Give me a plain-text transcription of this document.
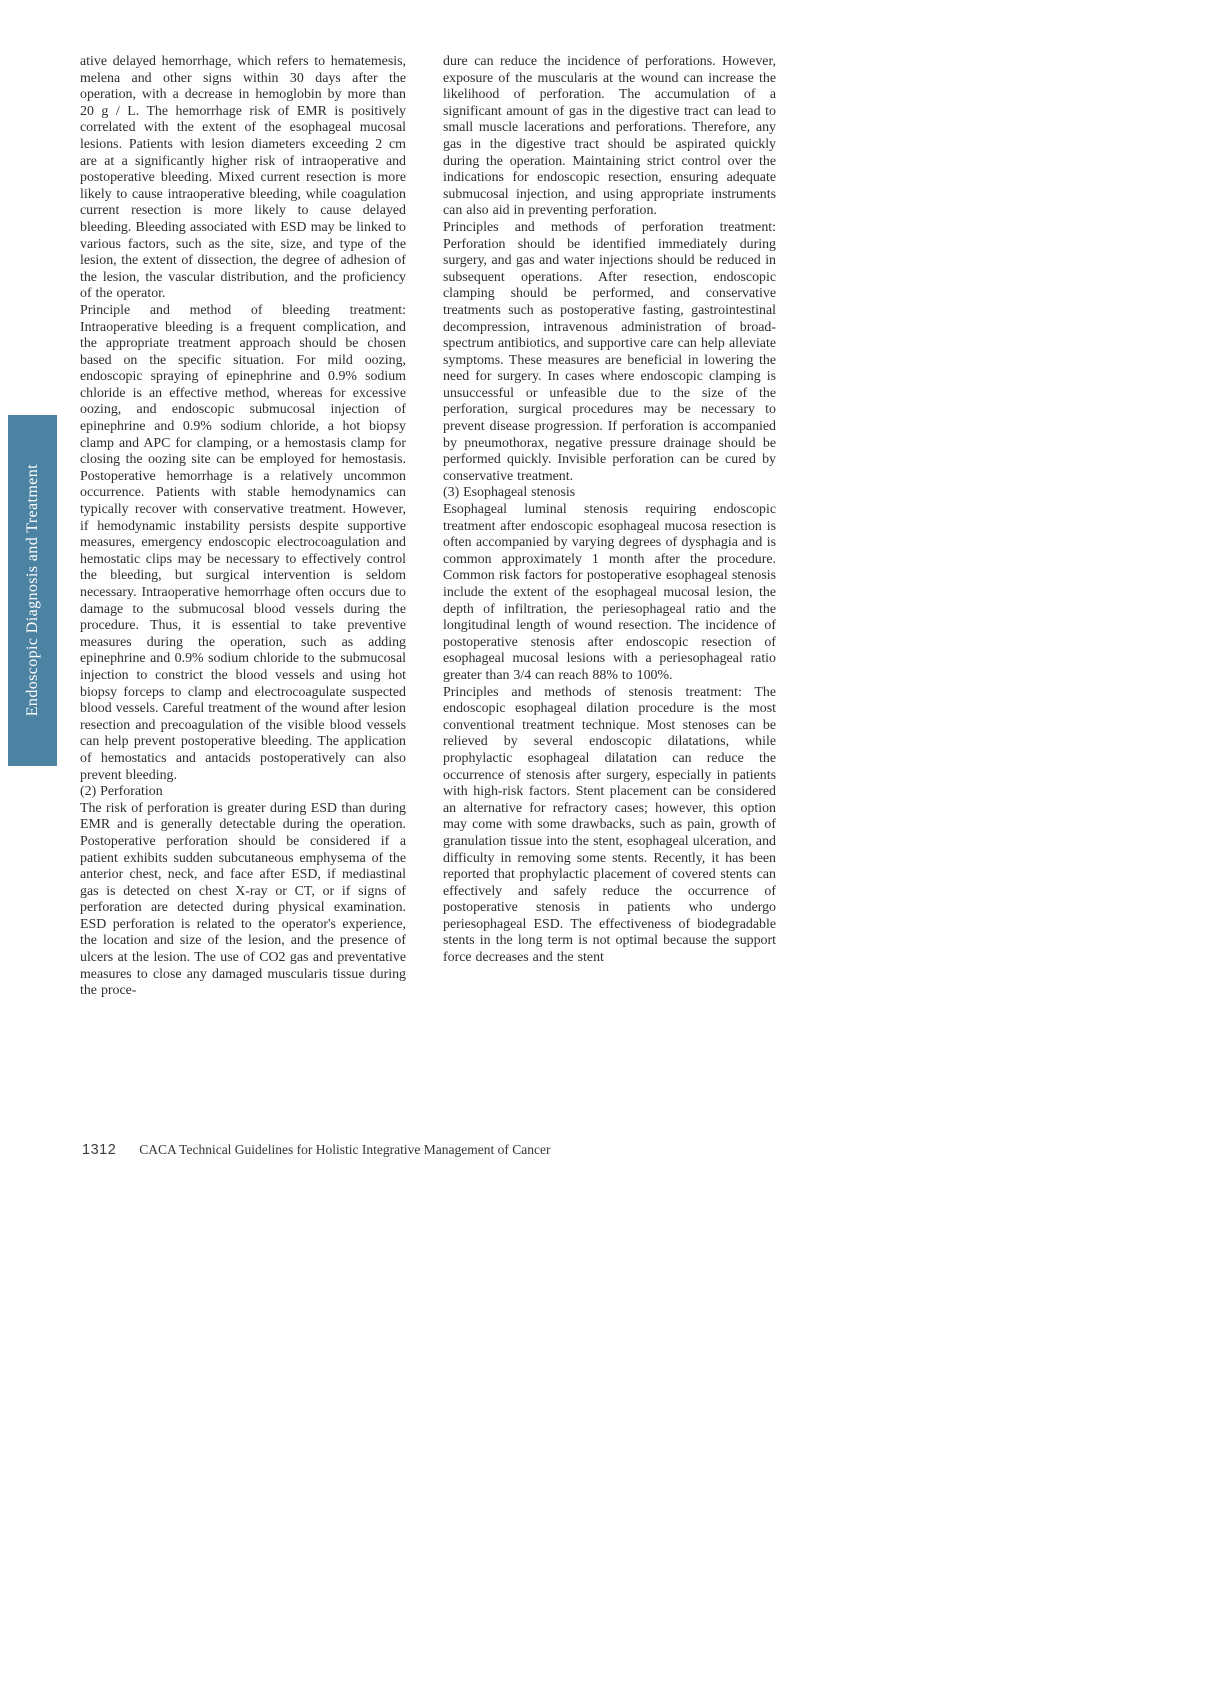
Endoscopic Diagnosis and Treatment

ative delayed hemorrhage, which refers to hematemesis, melena and other signs within 30 days after the operation, with a decrease in hemoglobin by more than 20 g / L. The hemorrhage risk of EMR is positively correlated with the extent of the esophageal mucosal lesions. Patients with lesion diameters exceeding 2 cm are at a significantly higher risk of intraoperative and postoperative bleeding. Mixed current resection is more likely to cause intraoperative bleeding, while coagulation current resection is more likely to cause delayed bleeding. Bleeding associated with ESD may be linked to various factors, such as the site, size, and type of the lesion, the extent of dissection, the degree of adhesion of the lesion, the vascular distribution, and the proficiency of the operator.

Principle and method of bleeding treatment: Intraoperative bleeding is a frequent complication, and the appropriate treatment approach should be chosen based on the specific situation. For mild oozing, endoscopic spraying of epinephrine and 0.9% sodium chloride is an effective method, whereas for excessive oozing, and endoscopic submucosal injection of epinephrine and 0.9% sodium chloride, a hot biopsy clamp and APC for clamping, or a hemostasis clamp for closing the oozing site can be employed for hemostasis. Postoperative hemorrhage is a relatively uncommon occurrence. Patients with stable hemodynamics can typically recover with conservative treatment. However, if hemodynamic instability persists despite supportive measures, emergency endoscopic electrocoagulation and hemostatic clips may be necessary to effectively control the bleeding, but surgical intervention is seldom necessary. Intraoperative hemorrhage often occurs due to damage to the submucosal blood vessels during the procedure. Thus, it is essential to take preventive measures during the operation, such as adding epinephrine and 0.9% sodium chloride to the submucosal injection to constrict the blood vessels and using hot biopsy forceps to clamp and electrocoagulate suspected blood vessels. Careful treatment of the wound after lesion resection and precoagulation of the visible blood vessels can help prevent postoperative bleeding. The application of hemostatics and antacids postoperatively can also prevent bleeding.

(2) Perforation

The risk of perforation is greater during ESD than during EMR and is generally detectable during the operation. Postoperative perforation should be considered if a patient exhibits sudden subcutaneous emphysema of the anterior chest, neck, and face after ESD, if mediastinal gas is detected on chest X-ray or CT, or if signs of perforation are detected during physical examination. ESD perforation is related to the operator's experience, the location and size of the lesion, and the presence of ulcers at the lesion. The use of CO2 gas and preventative measures to close any damaged muscularis tissue during the proce-

dure can reduce the incidence of perforations. However, exposure of the muscularis at the wound can increase the likelihood of perforation. The accumulation of a significant amount of gas in the digestive tract can lead to small muscle lacerations and perforations. Therefore, any gas in the digestive tract should be aspirated quickly during the operation. Maintaining strict control over the indications for endoscopic resection, ensuring adequate submucosal injection, and using appropriate instruments can also aid in preventing perforation.

Principles and methods of perforation treatment: Perforation should be identified immediately during surgery, and gas and water injections should be reduced in subsequent operations. After resection, endoscopic clamping should be performed, and conservative treatments such as postoperative fasting, gastrointestinal decompression, intravenous administration of broad-spectrum antibiotics, and supportive care can help alleviate symptoms. These measures are beneficial in lowering the need for surgery. In cases where endoscopic clamping is unsuccessful or unfeasible due to the size of the perforation, surgical procedures may be necessary to prevent disease progression. If perforation is accompanied by pneumothorax, negative pressure drainage should be performed quickly. Invisible perforation can be cured by conservative treatment.

(3) Esophageal stenosis

Esophageal luminal stenosis requiring endoscopic treatment after endoscopic esophageal mucosa resection is often accompanied by varying degrees of dysphagia and is common approximately 1 month after the procedure. Common risk factors for postoperative esophageal stenosis include the extent of the esophageal mucosal lesion, the depth of infiltration, the periesophageal ratio and the longitudinal length of wound resection. The incidence of postoperative stenosis after endoscopic resection of esophageal mucosal lesions with a periesophageal ratio greater than 3/4 can reach 88% to 100%.

Principles and methods of stenosis treatment: The endoscopic esophageal dilation procedure is the most conventional treatment technique. Most stenoses can be relieved by several endoscopic dilatations, while prophylactic esophageal dilatation can reduce the occurrence of stenosis after surgery, especially in patients with high-risk factors. Stent placement can be considered an alternative for refractory cases; however, this option may come with some drawbacks, such as pain, growth of granulation tissue into the stent, esophageal ulceration, and difficulty in removing some stents. Recently, it has been reported that prophylactic placement of covered stents can effectively and safely reduce the occurrence of postoperative stenosis in patients who undergo periesophageal ESD. The effectiveness of biodegradable stents in the long term is not optimal because the support force decreases and the stent

1312 CACA Technical Guidelines for Holistic Integrative Management of Cancer
